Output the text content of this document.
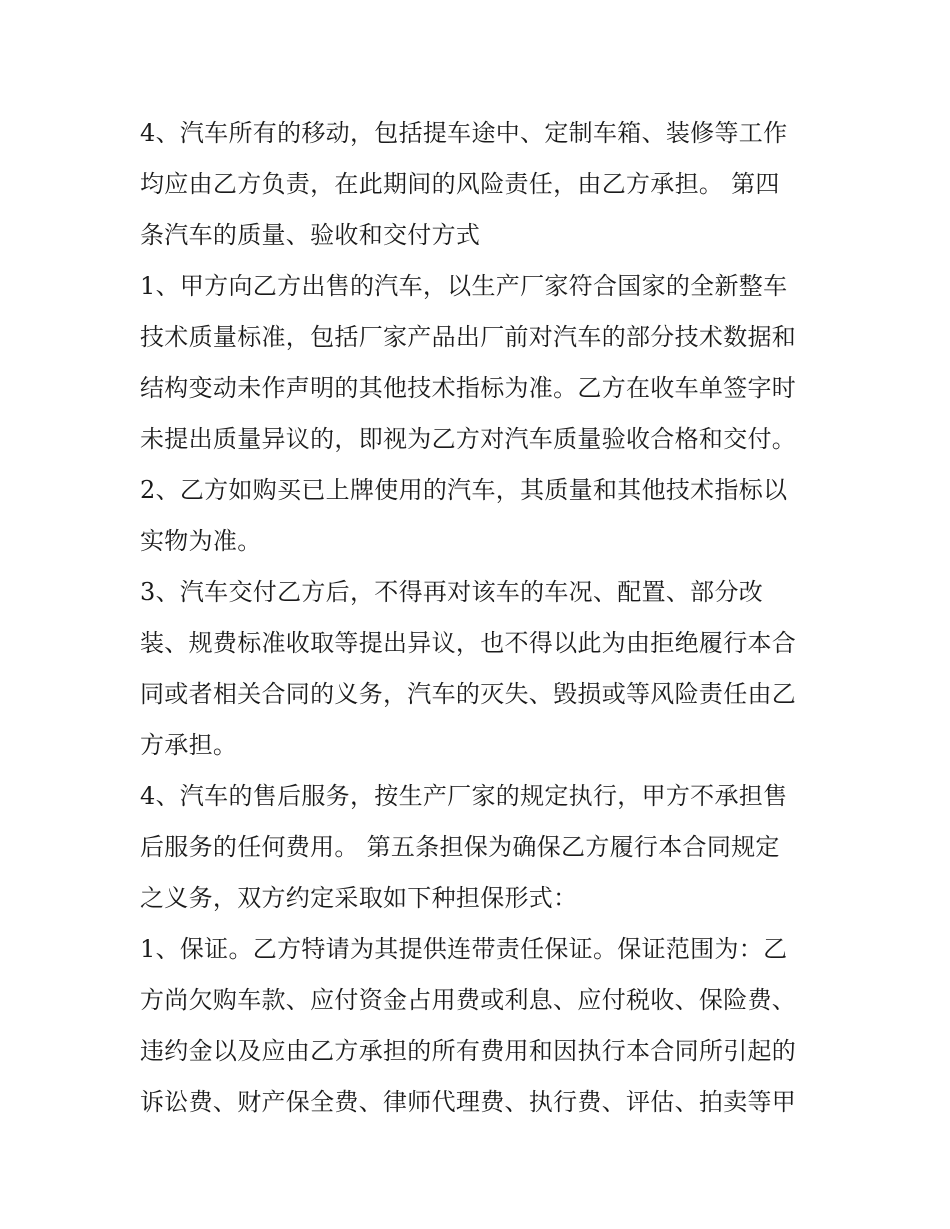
4、汽车所有的移动，包括提车途中、定制车箱、装修等工作
均应由乙方负责，在此期间的风险责任，由乙方承担。 第四
条汽车的质量、验收和交付方式
1、甲方向乙方出售的汽车，以生产厂家符合国家的全新整车
技术质量标准，包括厂家产品出厂前对汽车的部分技术数据和
结构变动未作声明的其他技术指标为准。乙方在收车单签字时
未提出质量异议的，即视为乙方对汽车质量验收合格和交付。
2、乙方如购买已上牌使用的汽车，其质量和其他技术指标以
实物为准。
3、汽车交付乙方后，不得再对该车的车况、配置、部分改
装、规费标准收取等提出异议，也不得以此为由拒绝履行本合
同或者相关合同的义务，汽车的灭失、毁损或等风险责任由乙
方承担。
4、汽车的售后服务，按生产厂家的规定执行，甲方不承担售
后服务的任何费用。 第五条担保为确保乙方履行本合同规定
之义务，双方约定采取如下种担保形式：
1、保证。乙方特请为其提供连带责任保证。保证范围为：乙
方尚欠购车款、应付资金占用费或利息、应付税收、保险费、
违约金以及应由乙方承担的所有费用和因执行本合同所引起的
诉讼费、财产保全费、律师代理费、执行费、评估、拍卖等甲
